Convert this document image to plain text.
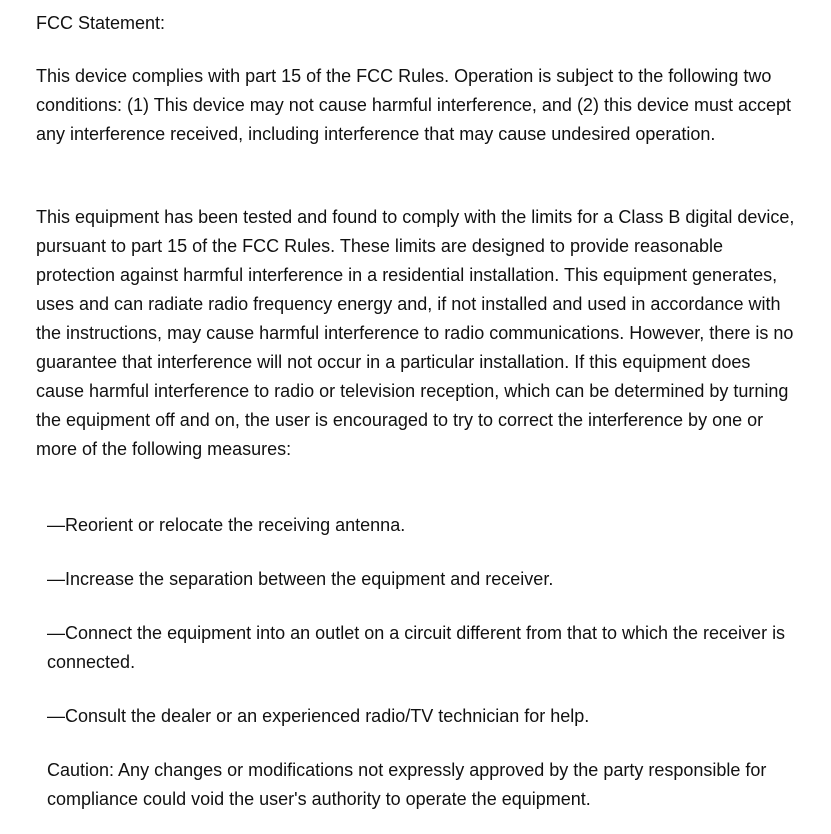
FCC Statement:

This device complies with part 15 of the FCC Rules. Operation is subject to the following two conditions: (1) This device may not cause harmful interference, and (2) this device must accept any interference received, including interference that may cause undesired operation.

This equipment has been tested and found to comply with the limits for a Class B digital device, pursuant to part 15 of the FCC Rules. These limits are designed to provide reasonable protection against harmful interference in a residential installation. This equipment generates, uses and can radiate radio frequency energy and, if not installed and used in accordance with the instructions, may cause harmful interference to radio communications. However, there is no guarantee that interference will not occur in a particular installation. If this equipment does cause harmful interference to radio or television reception, which can be determined by turning the equipment off and on, the user is encouraged to try to correct the interference by one or more of the following measures:

—Reorient or relocate the receiving antenna.
—Increase the separation between the equipment and receiver.
—Connect the equipment into an outlet on a circuit different from that to which the receiver is connected.
—Consult the dealer or an experienced radio/TV technician for help.

Caution: Any changes or modifications not expressly approved by the party responsible for compliance could void the user's authority to operate the equipment.
